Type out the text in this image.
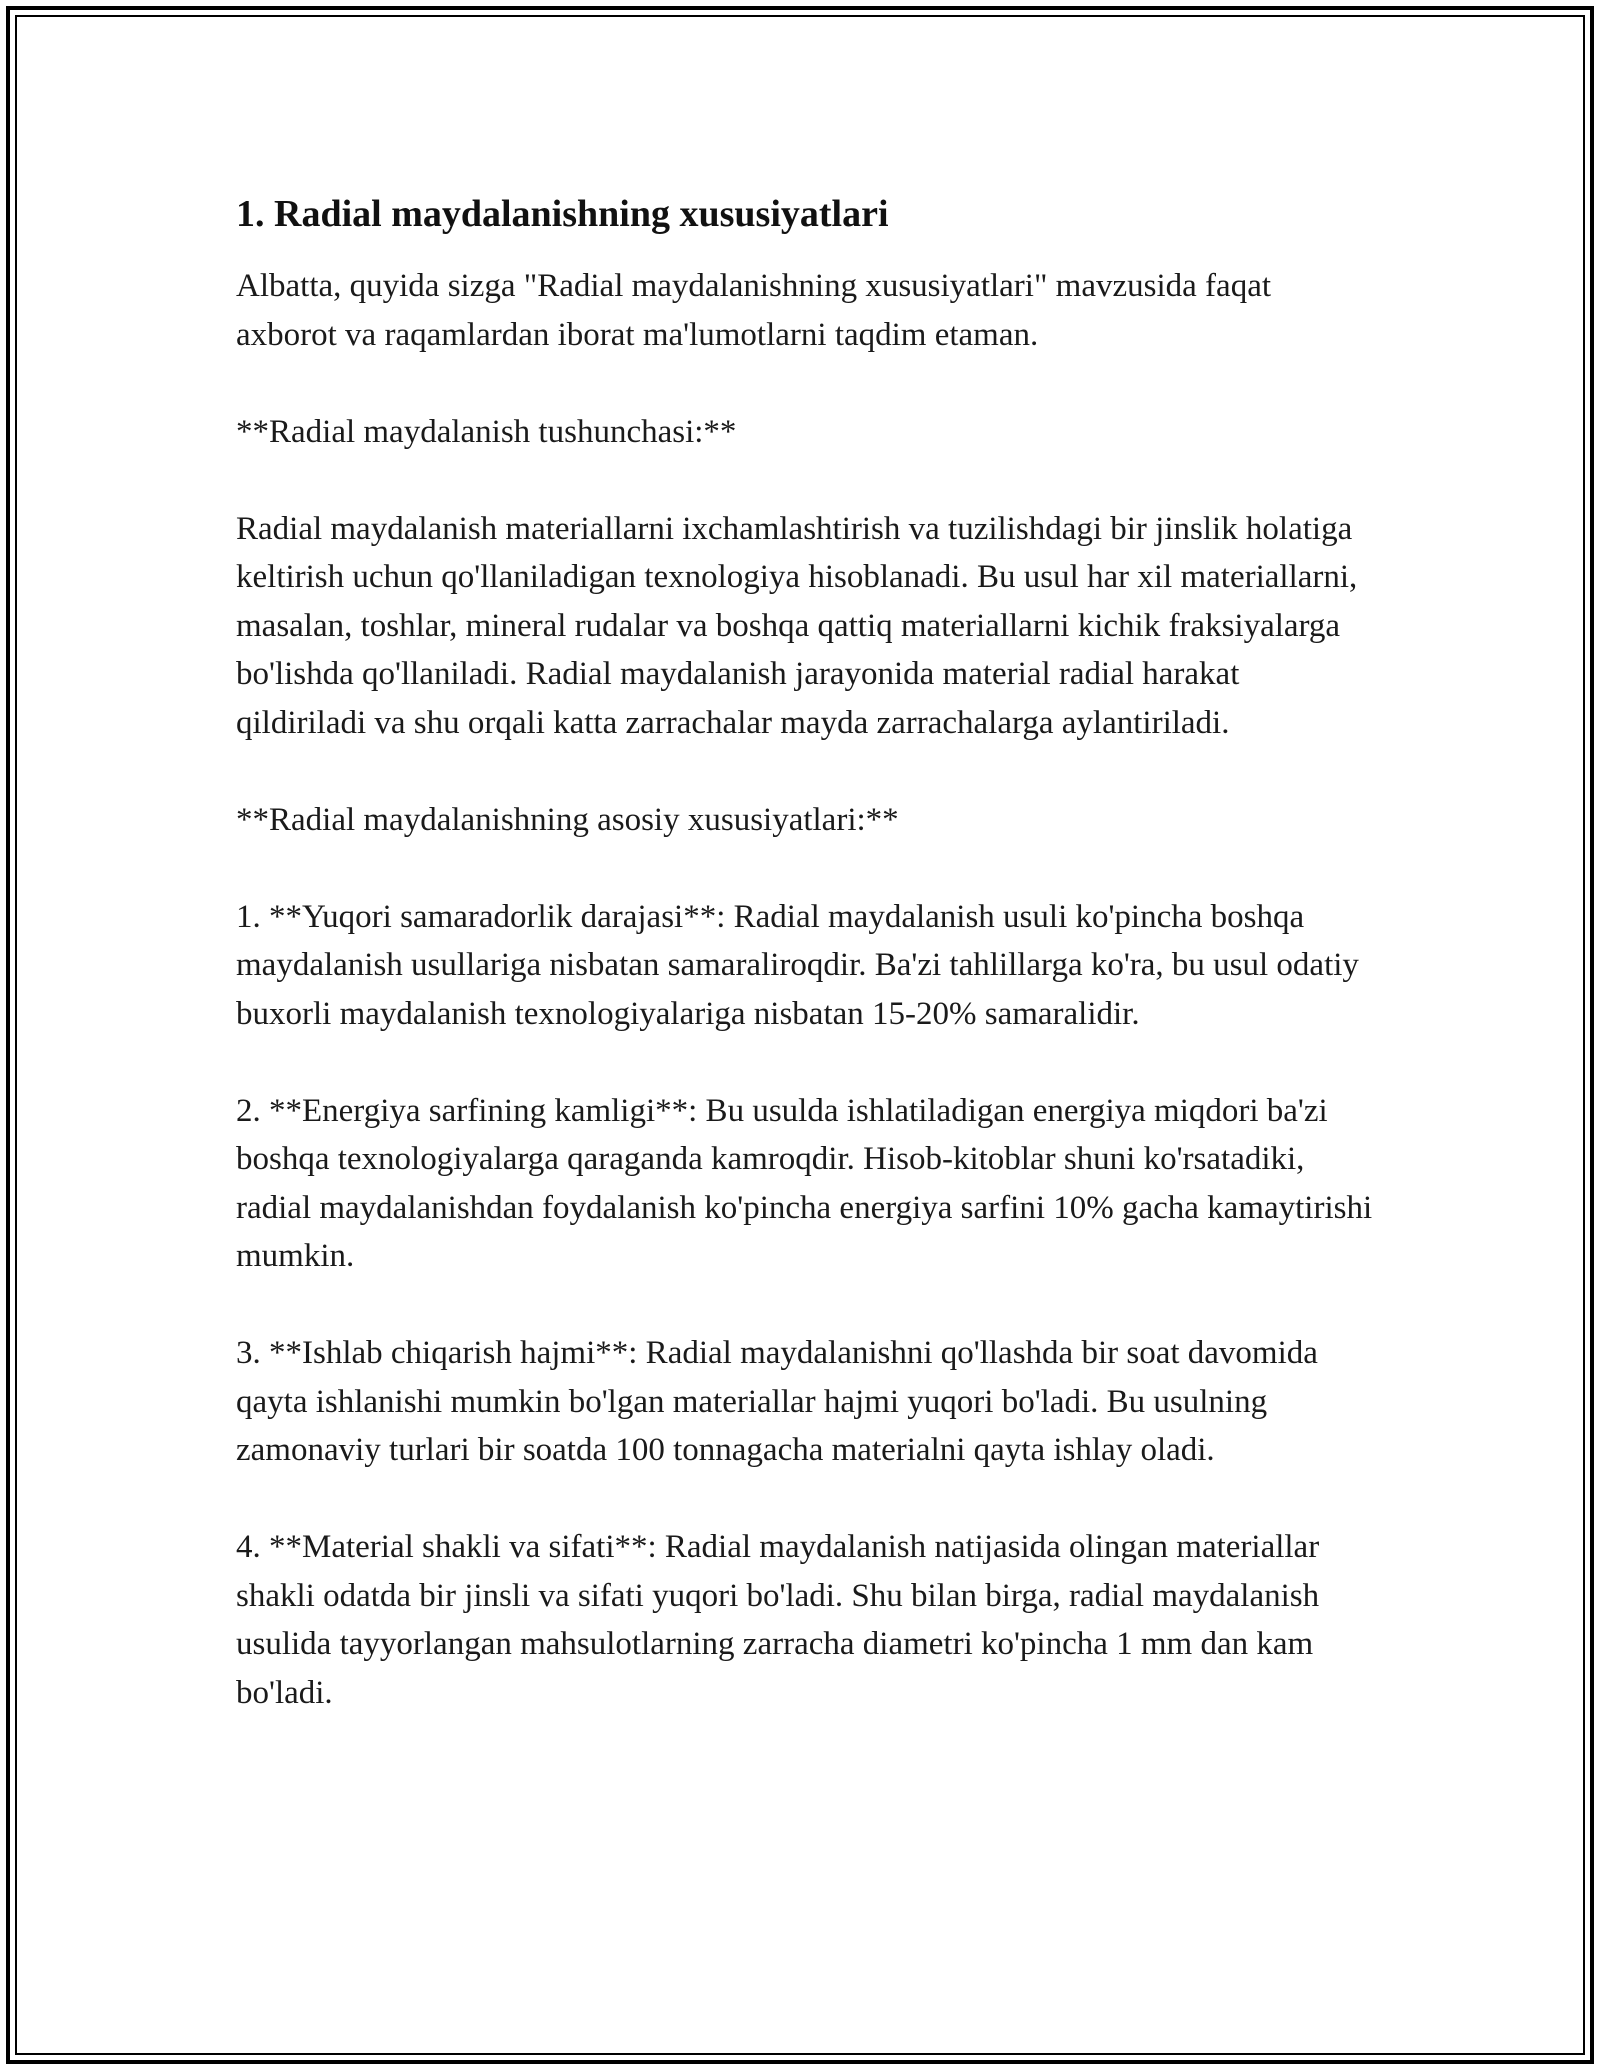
1. Radial maydalanishning xususiyatlari

Albatta, quyida sizga "Radial maydalanishning xususiyatlari" mavzusida faqat axborot va raqamlardan iborat ma'lumotlarni taqdim etaman.

**Radial maydalanish tushunchasi:**

Radial maydalanish materiallarni ixchamlashtirish va tuzilishdagi bir jinslik holatiga keltirish uchun qo'llaniladigan texnologiya hisoblanadi. Bu usul har xil materiallarni, masalan, toshlar, mineral rudalar va boshqa qattiq materiallarni kichik fraksiyalarga bo'lishda qo'llaniladi. Radial maydalanish jarayonida material radial harakat qildiriladi va shu orqali katta zarrachalar mayda zarrachalarga aylantiriladi.

**Radial maydalanishning asosiy xususiyatlari:**

1. **Yuqori samaradorlik darajasi**: Radial maydalanish usuli ko'pincha boshqa maydalanish usullariga nisbatan samaraliroqdir. Ba'zi tahlillarga ko'ra, bu usul odatiy buxorli maydalanish texnologiyalariga nisbatan 15-20% samaralidir.

2. **Energiya sarfining kamligi**: Bu usulda ishlatiladigan energiya miqdori ba'zi boshqa texnologiyalarga qaraganda kamroqdir. Hisob-kitoblar shuni ko'rsatadiki, radial maydalanishdan foydalanish ko'pincha energiya sarfini 10% gacha kamaytirishi mumkin.

3. **Ishlab chiqarish hajmi**: Radial maydalanishni qo'llashda bir soat davomida qayta ishlanishi mumkin bo'lgan materiallar hajmi yuqori bo'ladi. Bu usulning zamonaviy turlari bir soatda 100 tonnagacha materialni qayta ishlay oladi.

4. **Material shakli va sifati**: Radial maydalanish natijasida olingan materiallar shakli odatda bir jinsli va sifati yuqori bo'ladi. Shu bilan birga, radial maydalanish usulida tayyorlangan mahsulotlarning zarracha diametri ko'pincha 1 mm dan kam bo'ladi.
